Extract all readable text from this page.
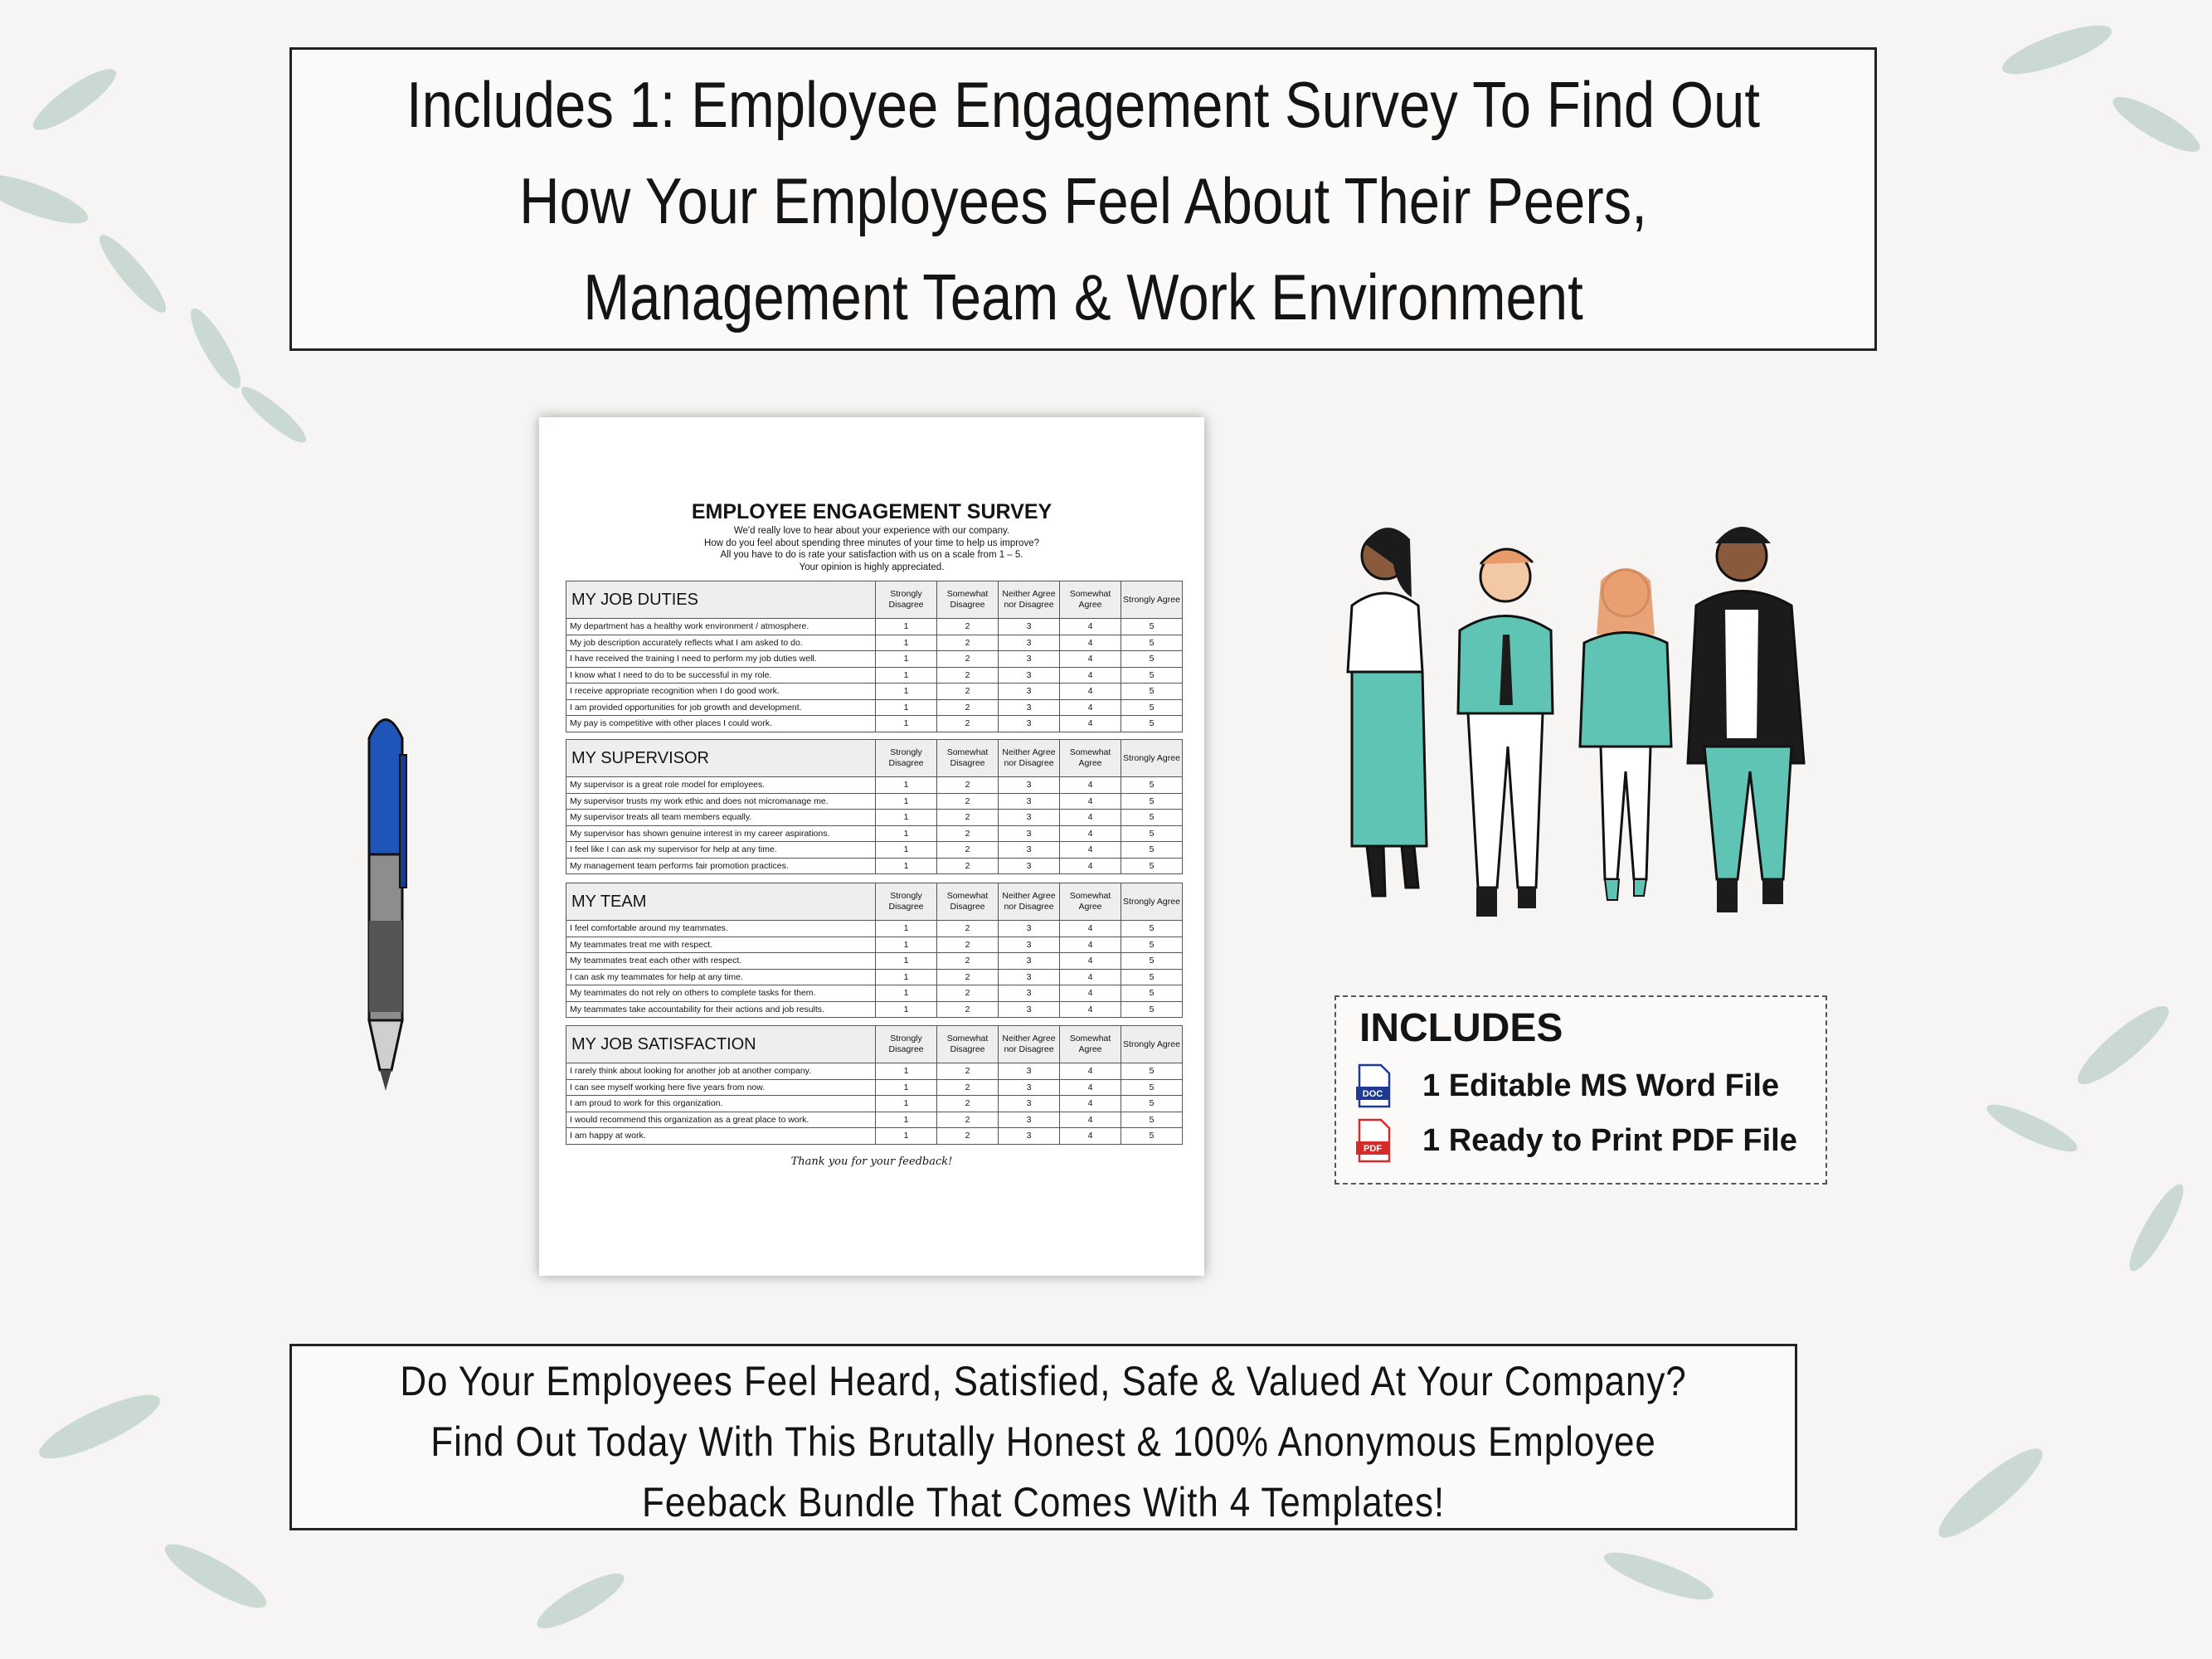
Includes 1: Employee Engagement Survey To Find Out
How Your Employees Feel About Their Peers,
Management Team & Work Environment
EMPLOYEE ENGAGEMENT SURVEY
We'd really love to hear about your experience with our company.
How do you feel about spending three minutes of your time to help us improve?
All you have to do is rate your satisfaction with us on a scale from 1 – 5.
Your opinion is highly appreciated.
MY JOB DUTIES	Strongly Disagree	Somewhat Disagree	Neither Agree nor Disagree	Somewhat Agree	Strongly Agree
My department has a healthy work environment / atmosphere.	1	2	3	4	5
My job description accurately reflects what I am asked to do.	1	2	3	4	5
I have received the training I need to perform my job duties well.	1	2	3	4	5
I know what I need to do to be successful in my role.	1	2	3	4	5
I receive appropriate recognition when I do good work.	1	2	3	4	5
I am provided opportunities for job growth and development.	1	2	3	4	5
My pay is competitive with other places I could work.	1	2	3	4	5
MY SUPERVISOR	Strongly Disagree	Somewhat Disagree	Neither Agree nor Disagree	Somewhat Agree	Strongly Agree
My supervisor is a great role model for employees.	1	2	3	4	5
My supervisor trusts my work ethic and does not micromanage me.	1	2	3	4	5
My supervisor treats all team members equally.	1	2	3	4	5
My supervisor has shown genuine interest in my career aspirations.	1	2	3	4	5
I feel like I can ask my supervisor for help at any time.	1	2	3	4	5
My management team performs fair promotion practices.	1	2	3	4	5
MY TEAM	Strongly Disagree	Somewhat Disagree	Neither Agree nor Disagree	Somewhat Agree	Strongly Agree
I feel comfortable around my teammates.	1	2	3	4	5
My teammates treat me with respect.	1	2	3	4	5
My teammates treat each other with respect.	1	2	3	4	5
I can ask my teammates for help at any time.	1	2	3	4	5
My teammates do not rely on others to complete tasks for them.	1	2	3	4	5
My teammates take accountability for their actions and job results.	1	2	3	4	5
MY JOB SATISFACTION	Strongly Disagree	Somewhat Disagree	Neither Agree nor Disagree	Somewhat Agree	Strongly Agree
I rarely think about looking for another job at another company.	1	2	3	4	5
I can see myself working here five years from now.	1	2	3	4	5
I am proud to work for this organization.	1	2	3	4	5
I would recommend this organization as a great place to work.	1	2	3	4	5
I am happy at work.	1	2	3	4	5
Thank you for your feedback!
INCLUDES
DOC 1 Editable MS Word File
PDF 1 Ready to Print PDF File
Do Your Employees Feel Heard, Satisfied, Safe & Valued At Your Company?
Find Out Today With This Brutally Honest & 100% Anonymous Employee
Feeback Bundle That Comes With 4 Templates!
